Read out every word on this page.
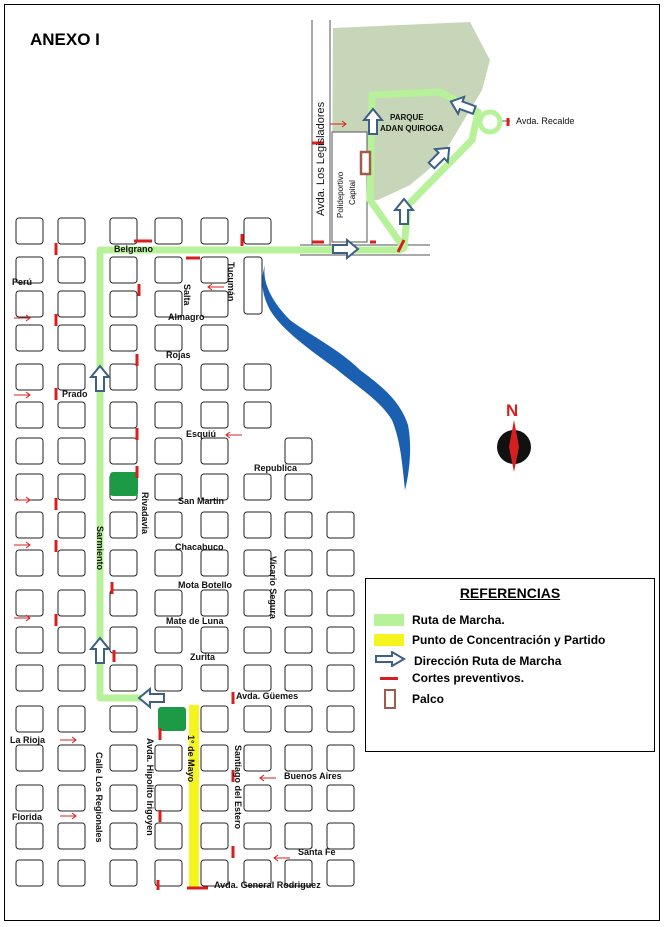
N
Avda. Los Legisladores	Avda. Recalde
Polideportivo Capital
PARQUE
ADAN QUIROGA
Belgrano
Tucumán
Salta
Perú
Almagro
Rojas
Prado
Esquiú
Republica
Rivadavia	San Martin
Chacabuco
Sarmiento
Mota Botello	Vicario Segura
Mate de Luna
Zurita
Avda. Güemes
La Rioja
Calle Los Regionales	Avda. Hipolito Irigoyen	1° de Mayo	Santiago del Estero	Buenos Aires
Florida
Santa Fe
Avda. General Rodriguez
ANEXO I
REFERENCIAS
Ruta de Marcha.
Punto de Concentración y Partido
Dirección Ruta de Marcha
Cortes preventivos.
Palco
